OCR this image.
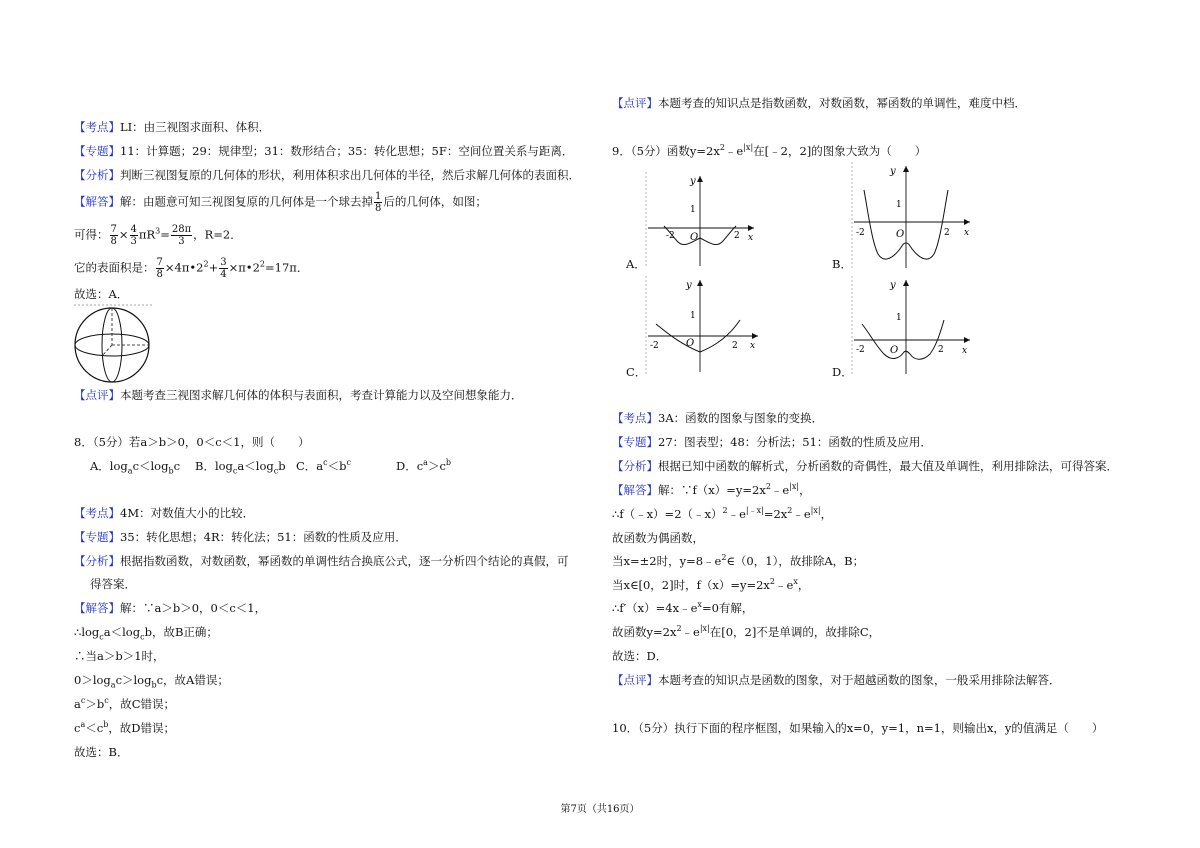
【考点】LI：由三视图求面积、体积．
【专题】11：计算题；29：规律型；31：数形结合；35：转化思想；5F：空间位置关系与距离．
【分析】判断三视图复原的几何体的形状，利用体积求出几何体的半径，然后求解几何体的表面积．
【解答】解：由题意可知三视图复原的几何体是一个球去掉 $\frac{1}{8}$ 后的几何体，如图；
可得： $\frac{7}{8} \times \frac{4}{3} \pi R^3= \frac{28\pi}{3}$ ，R=2．
它的表面积是： $\frac{7}{8}$ $\times 4\pi•2^2+ \frac{3}{4}$ $\times\pi•2^2=17\pi$．
故选：A．
【点评】本题考查三视图求解几何体的体积与表面积，考查计算能力以及空间想象能力．
8．（5分）若a＞b＞0，0＜c＜1，则（　　）
A．$\log_ac<\log_bc$ B．$\log_ca<\log_cb$ C．$a^c<b^c$	D．$c^a>c^b$
【考点】4M：对数值大小的比较．
【专题】35：转化思想；4R：转化法；51：函数的性质及应用．
【分析】根据指数函数，对数函数，幂函数的单调性结合换底公式，逐一分析四个结论的真假，可
得答案．
【解答】解：∵a＞b＞0，0＜c＜1，
$\therefore\log_ca<\log_cb$，故B正确；
∴当a＞b＞1时，
$0>\log_ac>\log_bc$，故A错误；
$a^c>b^c$，故C错误；
$c^a<c^b$，故D错误；
故选：B．
【点评】本题考查的知识点是指数函数，对数函数，幂函数的单调性，难度中档．
9．（5分）函数$y=2x^2﹣e^{|x|}$在[﹣2，2]的图象大致为（　　）
y
1
x
-2	2
O
A．
y
1
x
-2	2
O
B．
y
1
x
-2	2
O
C．
y
1
x
-2	2
O
D．
【考点】3A：函数的图象与图象的变换．
【专题】27：图表型；48：分析法；51：函数的性质及应用．
【分析】根据已知中函数的解析式，分析函数的奇偶性，最大值及单调性，利用排除法，可得答案．
【解答】解：$\because f(x)=y=2x^2﹣e^{|x|}$，
$\therefore f(﹣x)=2(﹣x)^2﹣e^{|﹣x|}=2x^2﹣e^{|x|}$，
故函数为偶函数，
当x=±2时，$y=8﹣e^2\in(0$，1），故排除A，B；
当x∈[0，2]时，$f(x)=y=2x^2﹣e^x$，
$\therefore f'(x)=4x﹣e^x=0$有解，
故函数$y=2x^2﹣e^{|x|}$在[0，2]不是单调的，故排除C，
故选：D．
【点评】本题考查的知识点是函数的图象，对于超越函数的图象，一般采用排除法解答．
10．（5分）执行下面的程序框图，如果输入的x=0，y=1，n=1，则输出x，y的值满足（　　）
第7页（共16页）
